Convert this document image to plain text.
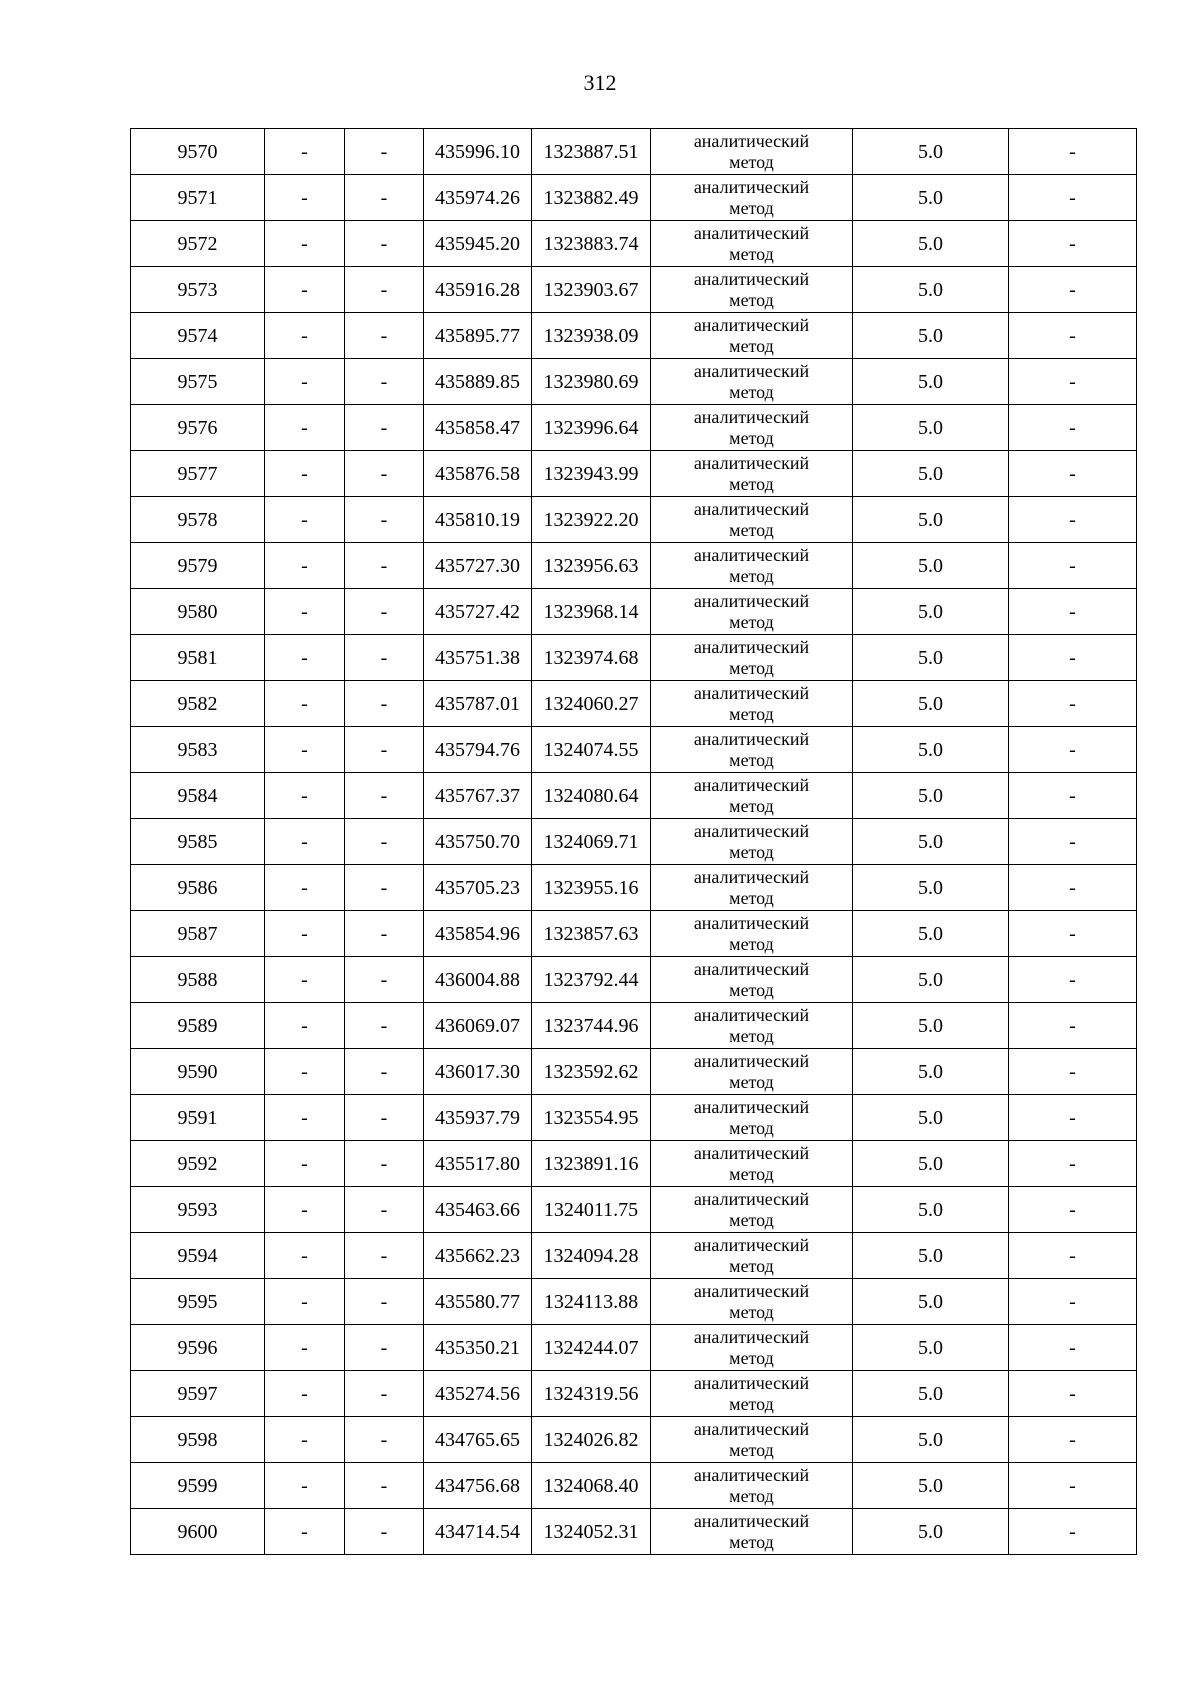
312
9570	-	-	435996.10	1323887.51	аналитический
метод	5.0	-
9571	-	-	435974.26	1323882.49	аналитический
метод	5.0	-
9572	-	-	435945.20	1323883.74	аналитический
метод	5.0	-
9573	-	-	435916.28	1323903.67	аналитический
метод	5.0	-
9574	-	-	435895.77	1323938.09	аналитический
метод	5.0	-
9575	-	-	435889.85	1323980.69	аналитический
метод	5.0	-
9576	-	-	435858.47	1323996.64	аналитический
метод	5.0	-
9577	-	-	435876.58	1323943.99	аналитический
метод	5.0	-
9578	-	-	435810.19	1323922.20	аналитический
метод	5.0	-
9579	-	-	435727.30	1323956.63	аналитический
метод	5.0	-
9580	-	-	435727.42	1323968.14	аналитический
метод	5.0	-
9581	-	-	435751.38	1323974.68	аналитический
метод	5.0	-
9582	-	-	435787.01	1324060.27	аналитический
метод	5.0	-
9583	-	-	435794.76	1324074.55	аналитический
метод	5.0	-
9584	-	-	435767.37	1324080.64	аналитический
метод	5.0	-
9585	-	-	435750.70	1324069.71	аналитический
метод	5.0	-
9586	-	-	435705.23	1323955.16	аналитический
метод	5.0	-
9587	-	-	435854.96	1323857.63	аналитический
метод	5.0	-
9588	-	-	436004.88	1323792.44	аналитический
метод	5.0	-
9589	-	-	436069.07	1323744.96	аналитический
метод	5.0	-
9590	-	-	436017.30	1323592.62	аналитический
метод	5.0	-
9591	-	-	435937.79	1323554.95	аналитический
метод	5.0	-
9592	-	-	435517.80	1323891.16	аналитический
метод	5.0	-
9593	-	-	435463.66	1324011.75	аналитический
метод	5.0	-
9594	-	-	435662.23	1324094.28	аналитический
метод	5.0	-
9595	-	-	435580.77	1324113.88	аналитический
метод	5.0	-
9596	-	-	435350.21	1324244.07	аналитический
метод	5.0	-
9597	-	-	435274.56	1324319.56	аналитический
метод	5.0	-
9598	-	-	434765.65	1324026.82	аналитический
метод	5.0	-
9599	-	-	434756.68	1324068.40	аналитический
метод	5.0	-
9600	-	-	434714.54	1324052.31	аналитический
метод	5.0	-
